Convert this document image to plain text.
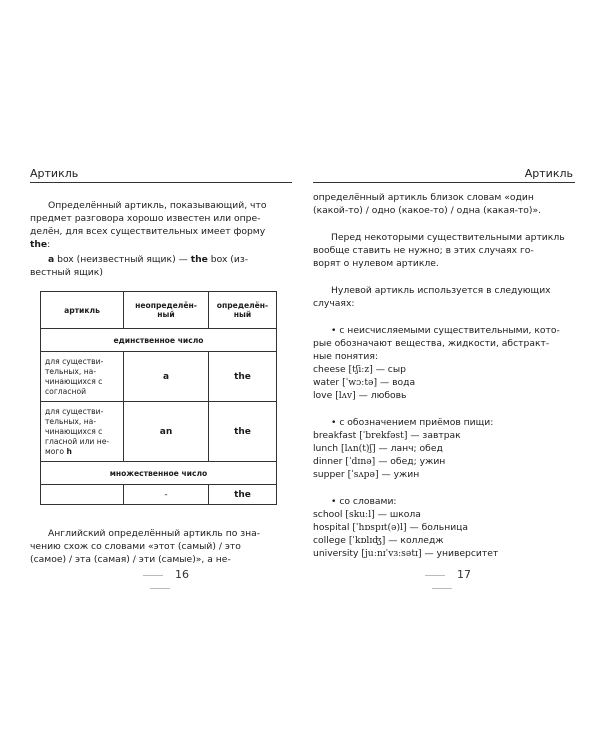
Артикль

Определённый артикль, показывающий, что

предмет разговора хорошо известен или опре-

делён, для всех существительных имеет форму

the:

a box (неизвестный ящик) — the box (из-

вестный ящик)

артикль	неопределён-ный	определён-ный
единственное число		
для существи-тельных, на-чинающихся с согласной	a	the
для существи-тельных, на-чинающихся с гласной или не-мого h	an	the
множественное число		
	-	the

Английский определённый артикль по зна-

чению схож со словами «этот (самый) / это

(самое) / эта (самая) / эти (самые)», а не-

16
Артикль

определённый артикль близок словам «один

(какой-то) / одно (какое-то) / одна (какая-то)».

Перед некоторыми существительными артикль

вообще ставить не нужно; в этих случаях го-

ворят о нулевом артикле.

Нулевой артикль используется в следующих

случаях:

• с неисчисляемыми существительными, кото-

рые обозначают вещества, жидкости, абстракт-

ные понятия:

cheese [tʃiːz] — сыр
water [ˈwɔːtə] — вода
love [lʌv] — любовь

• с обозначением приёмов пищи:

breakfast [ˈbrekfəst] — завтрак
lunch [lʌn(t)ʃ] — ланч; обед
dinner [ˈdɪnə] — обед; ужин
supper [ˈsʌpə] — ужин

• со словами:

school [skuːl] — школа
hospital [ˈhɒspɪt(ə)l] — больница
college [ˈkɒlɪʤ] — колледж
university [juːnɪˈvɜːsətɪ] — университет
17
